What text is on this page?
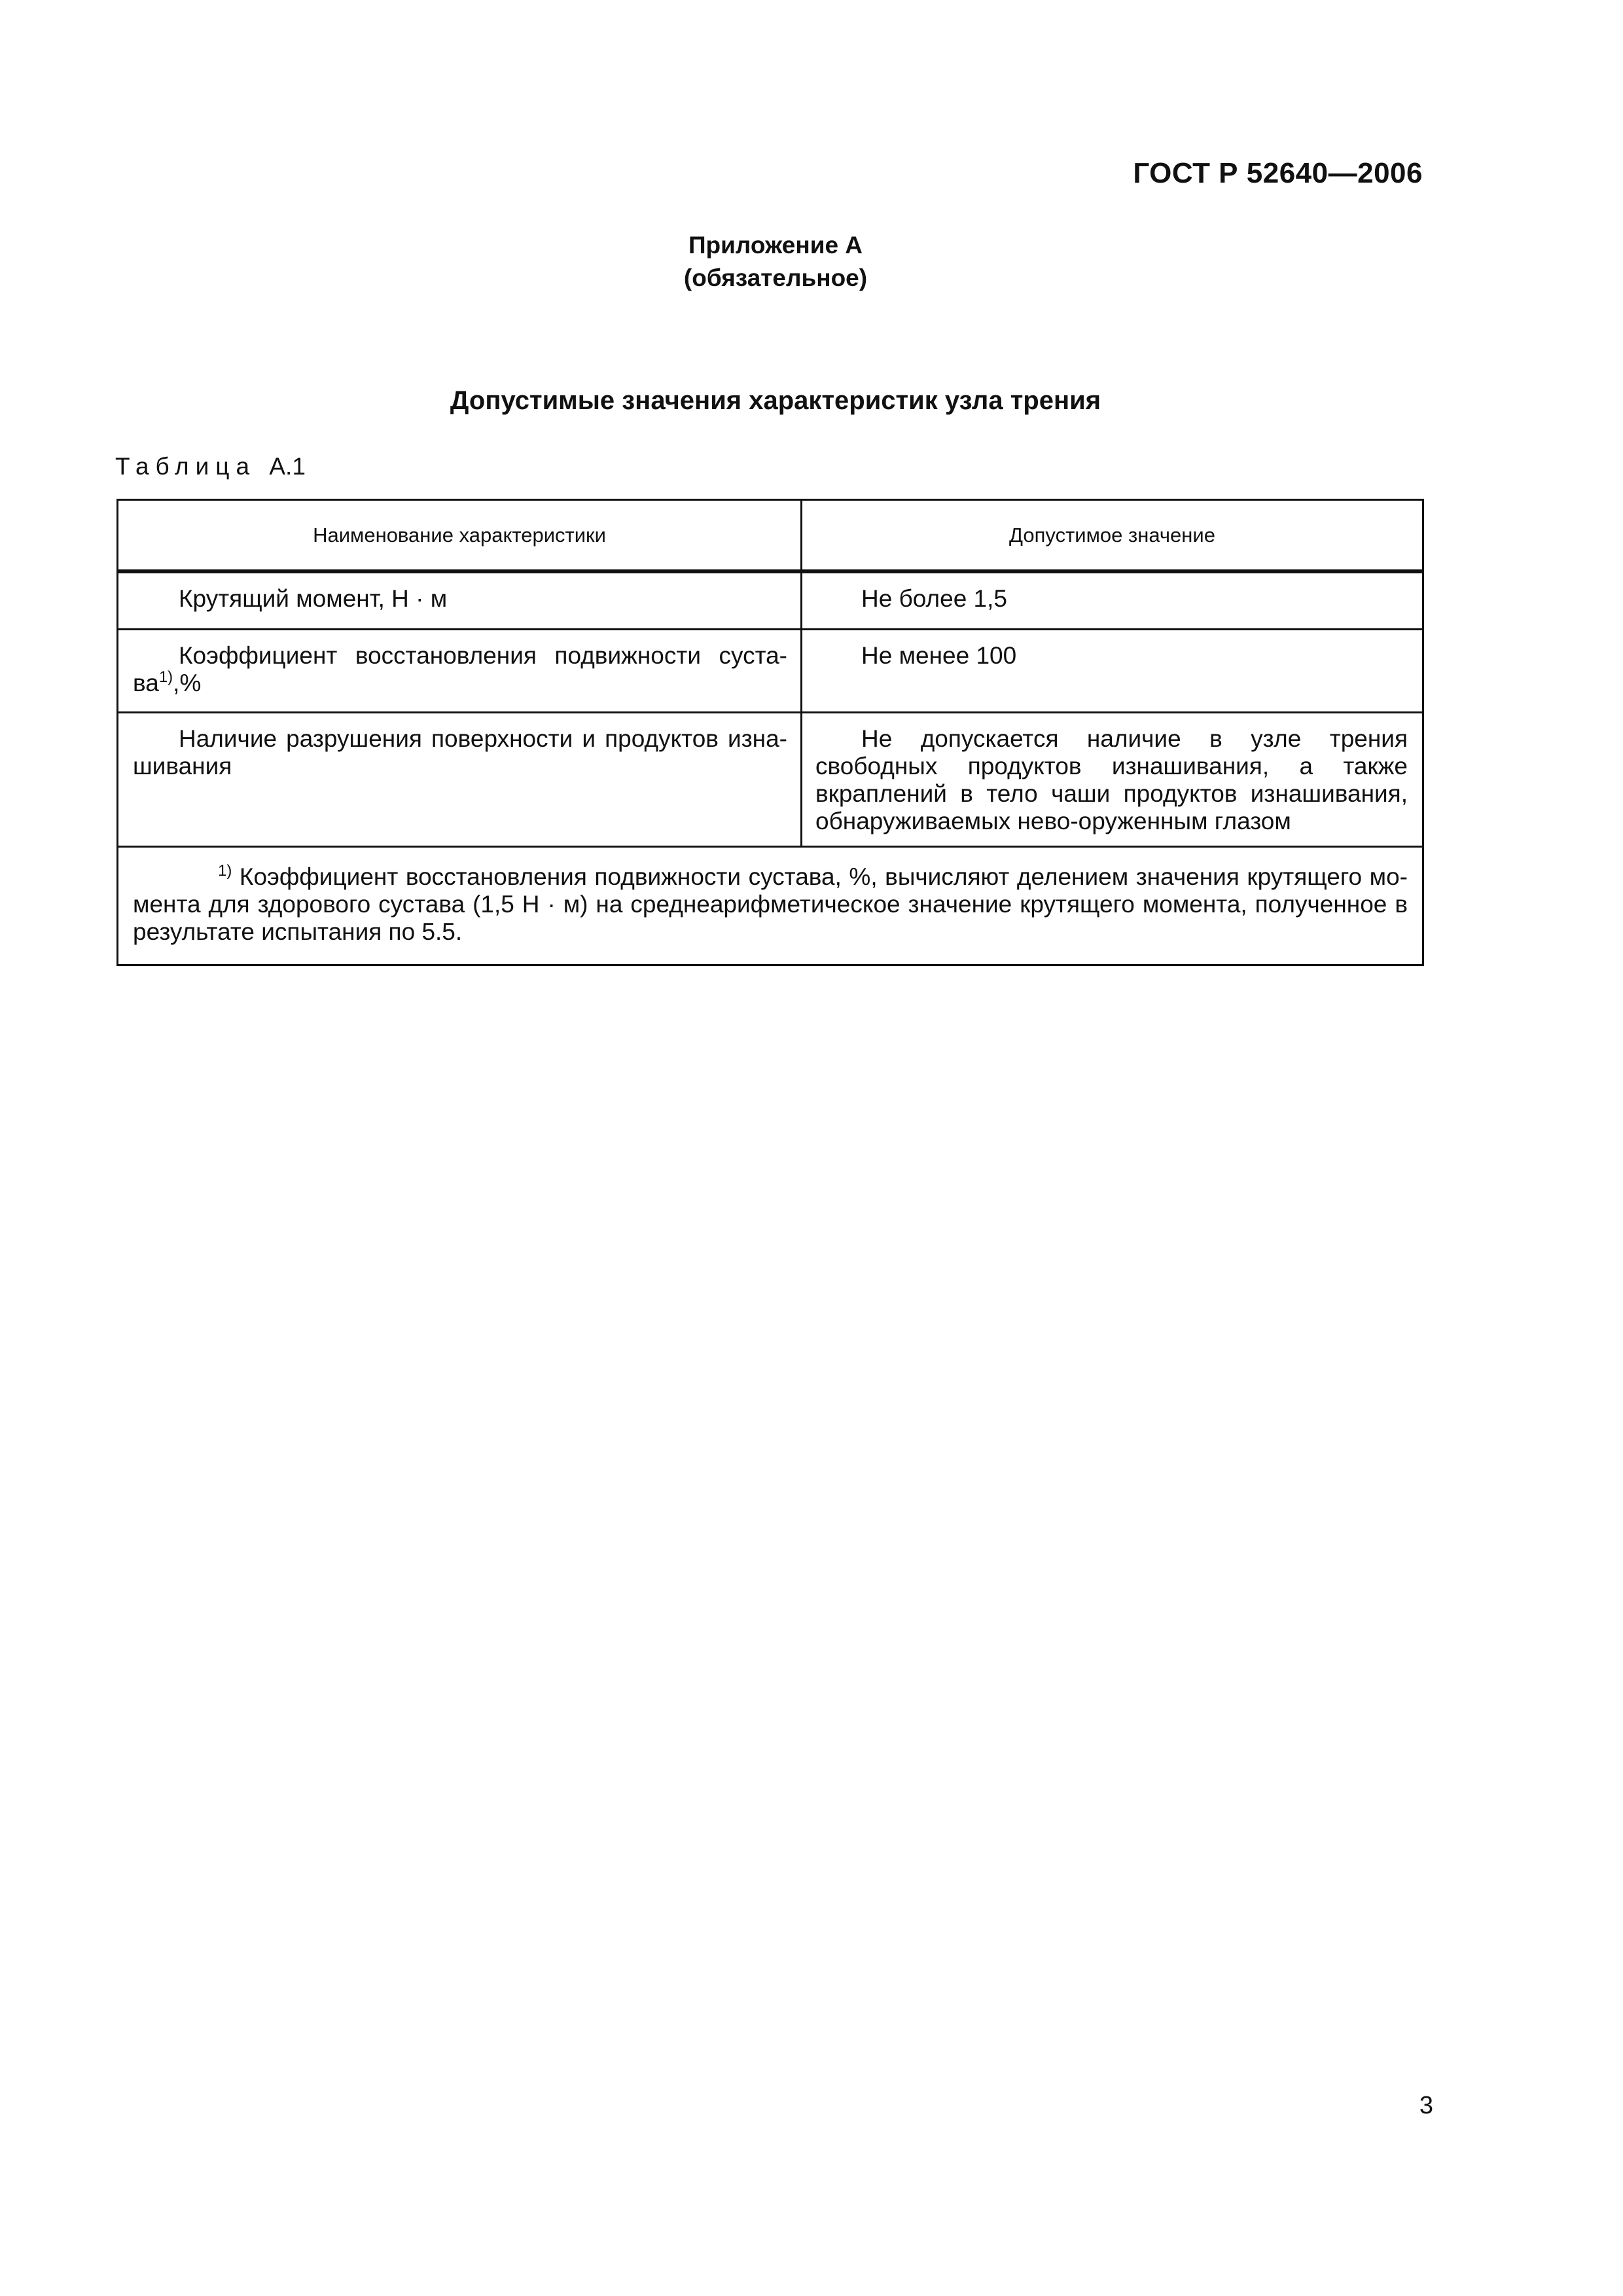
ГОСТ Р 52640—2006
Приложение А
(обязательное)
Допустимые значения характеристик узла трения
Таблица А.1
Наименование характеристики	Допустимое значение
Крутящий момент, Н · м	Не более 1,5
Коэффициент восстановления подвижности суста-$ва^{1)},\%$	Не менее 100
Наличие разрушения поверхности и продуктов изна-шивания	Не допускается наличие в узле трения свободных продуктов изнашивания, а также вкраплений в тело чаши продуктов изнашивания, обнаруживаемых нево-оруженным глазом
$^{1)}$ Коэффициент восстановления подвижности сустава, %, вычисляют делением значения крутящего мо-мента для здорового сустава (1,5 Н · м) на среднеарифметическое значение крутящего момента, полученное в результате испытания по 5.5.	
3
